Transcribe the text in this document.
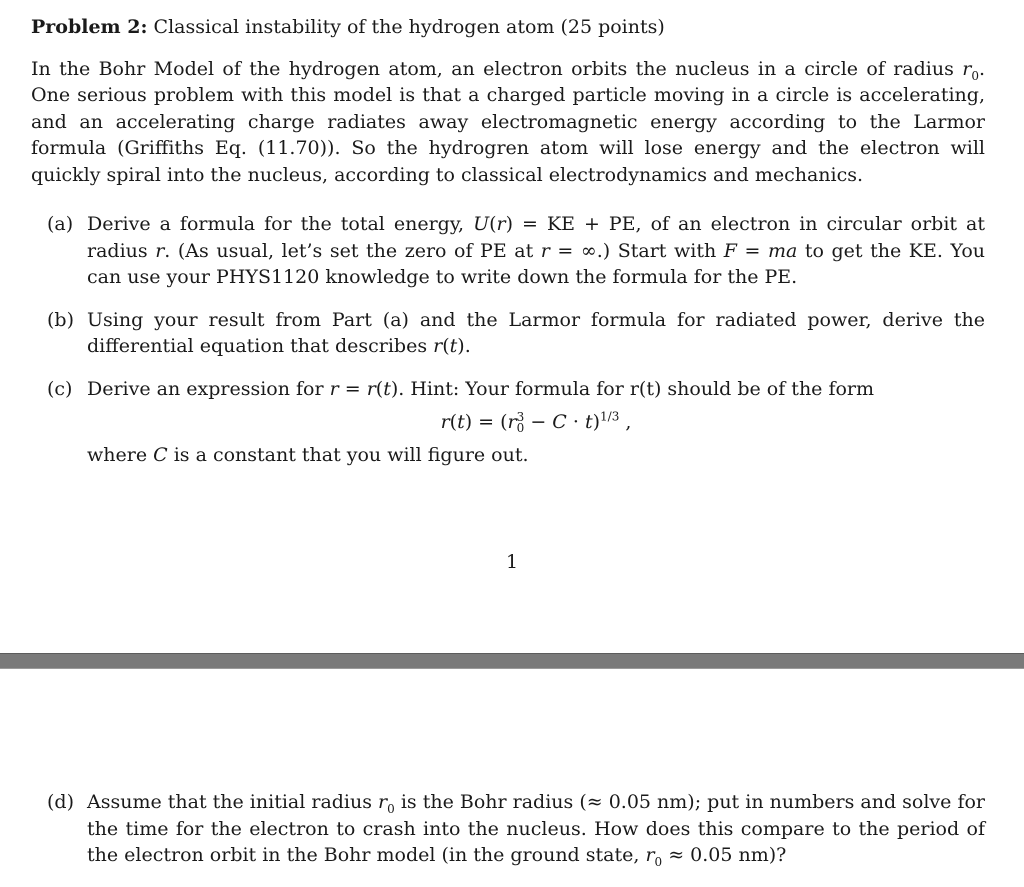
Problem 2: Classical instability of the hydrogen atom (25 points)

In the Bohr Model of the hydrogen atom, an electron orbits the nucleus in a circle of radius $r_0$. One serious problem with this model is that a charged particle moving in a circle is accelerating, and an accelerating charge radiates away electromagnetic energy according to the Larmor formula (Griffiths Eq. (11.70)). So the hydrogren atom will lose energy and the electron will quickly spiral into the nucleus, according to classical electrodynamics and mechanics.

(a) Derive a formula for the total energy, U(r) = KE + PE, of an electron in circular orbit at radius r. (As usual, let’s set the zero of PE at r = ∞.) Start with F = ma to get the KE. You can use your PHYS1120 knowledge to write down the formula for the PE.
(b) Using your result from Part (a) and the Larmor formula for radiated power, derive the differential equation that describes r(t).
(c) Derive an expression for r = r(t). Hint: Your formula for r(t) should be of the form
r(t) = (r 3
0 − C · t)$^{1/3}$ ,
where C is a constant that you will figure out.
1
(d) Assume that the initial radius $r_0$ is the Bohr radius (≈ 0.05 nm); put in numbers and solve for the time for the electron to crash into the nucleus. How does this compare to the period of the electron orbit in the Bohr model (in the ground state, $r_0 \approx 0.05$ nm)?
